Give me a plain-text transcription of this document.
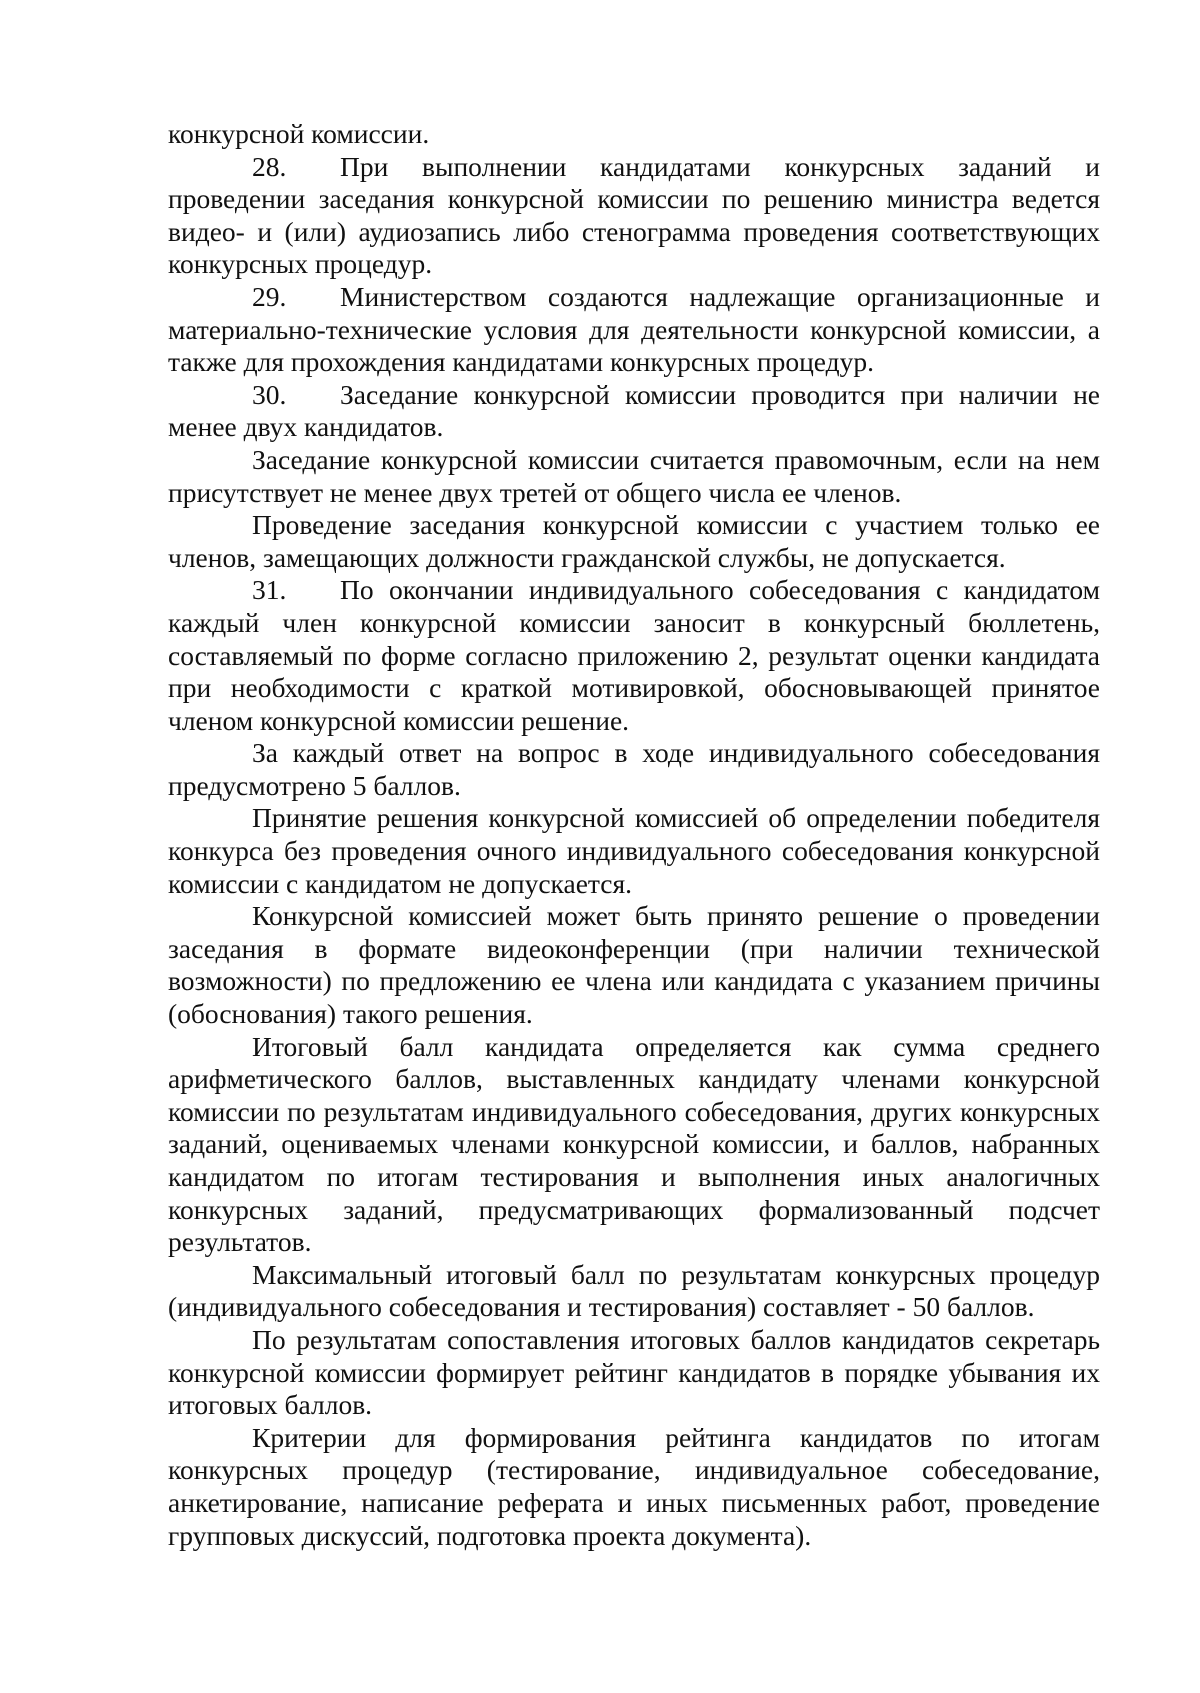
конкурсной комиссии.

28. При выполнении кандидатами конкурсных заданий и проведении заседания конкурсной комиссии по решению министра ведется видео- и (или) аудиозапись либо стенограмма проведения соответствующих конкурсных процедур.

29. Министерством создаются надлежащие организационные и материально-технические условия для деятельности конкурсной комиссии, а также для прохождения кандидатами конкурсных процедур.

30. Заседание конкурсной комиссии проводится при наличии не менее двух кандидатов.

Заседание конкурсной комиссии считается правомочным, если на нем присутствует не менее двух третей от общего числа ее членов.

Проведение заседания конкурсной комиссии с участием только ее членов, замещающих должности гражданской службы, не допускается.

31. По окончании индивидуального собеседования с кандидатом каждый член конкурсной комиссии заносит в конкурсный бюллетень, составляемый по форме согласно приложению 2, результат оценки кандидата при необходимости с краткой мотивировкой, обосновывающей принятое членом конкурсной комиссии решение.

За каждый ответ на вопрос в ходе индивидуального собеседования предусмотрено 5 баллов.

Принятие решения конкурсной комиссией об определении победителя конкурса без проведения очного индивидуального собеседования конкурсной комиссии с кандидатом не допускается.

Конкурсной комиссией может быть принято решение о проведении заседания в формате видеоконференции (при наличии технической возможности) по предложению ее члена или кандидата с указанием причины (обоснования) такого решения.

Итоговый балл кандидата определяется как сумма среднего арифметического баллов, выставленных кандидату членами конкурсной комиссии по результатам индивидуального собеседования, других конкурсных заданий, оцениваемых членами конкурсной комиссии, и баллов, набранных кандидатом по итогам тестирования и выполнения иных аналогичных конкурсных заданий, предусматривающих формализованный подсчет результатов.

Максимальный итоговый балл по результатам конкурсных процедур (индивидуального собеседования и тестирования) составляет - 50 баллов.

По результатам сопоставления итоговых баллов кандидатов секретарь конкурсной комиссии формирует рейтинг кандидатов в порядке убывания их итоговых баллов.

Критерии для формирования рейтинга кандидатов по итогам конкурсных процедур (тестирование, индивидуальное собеседование, анкетирование, написание реферата и иных письменных работ, проведение групповых дискуссий, подготовка проекта документа).
